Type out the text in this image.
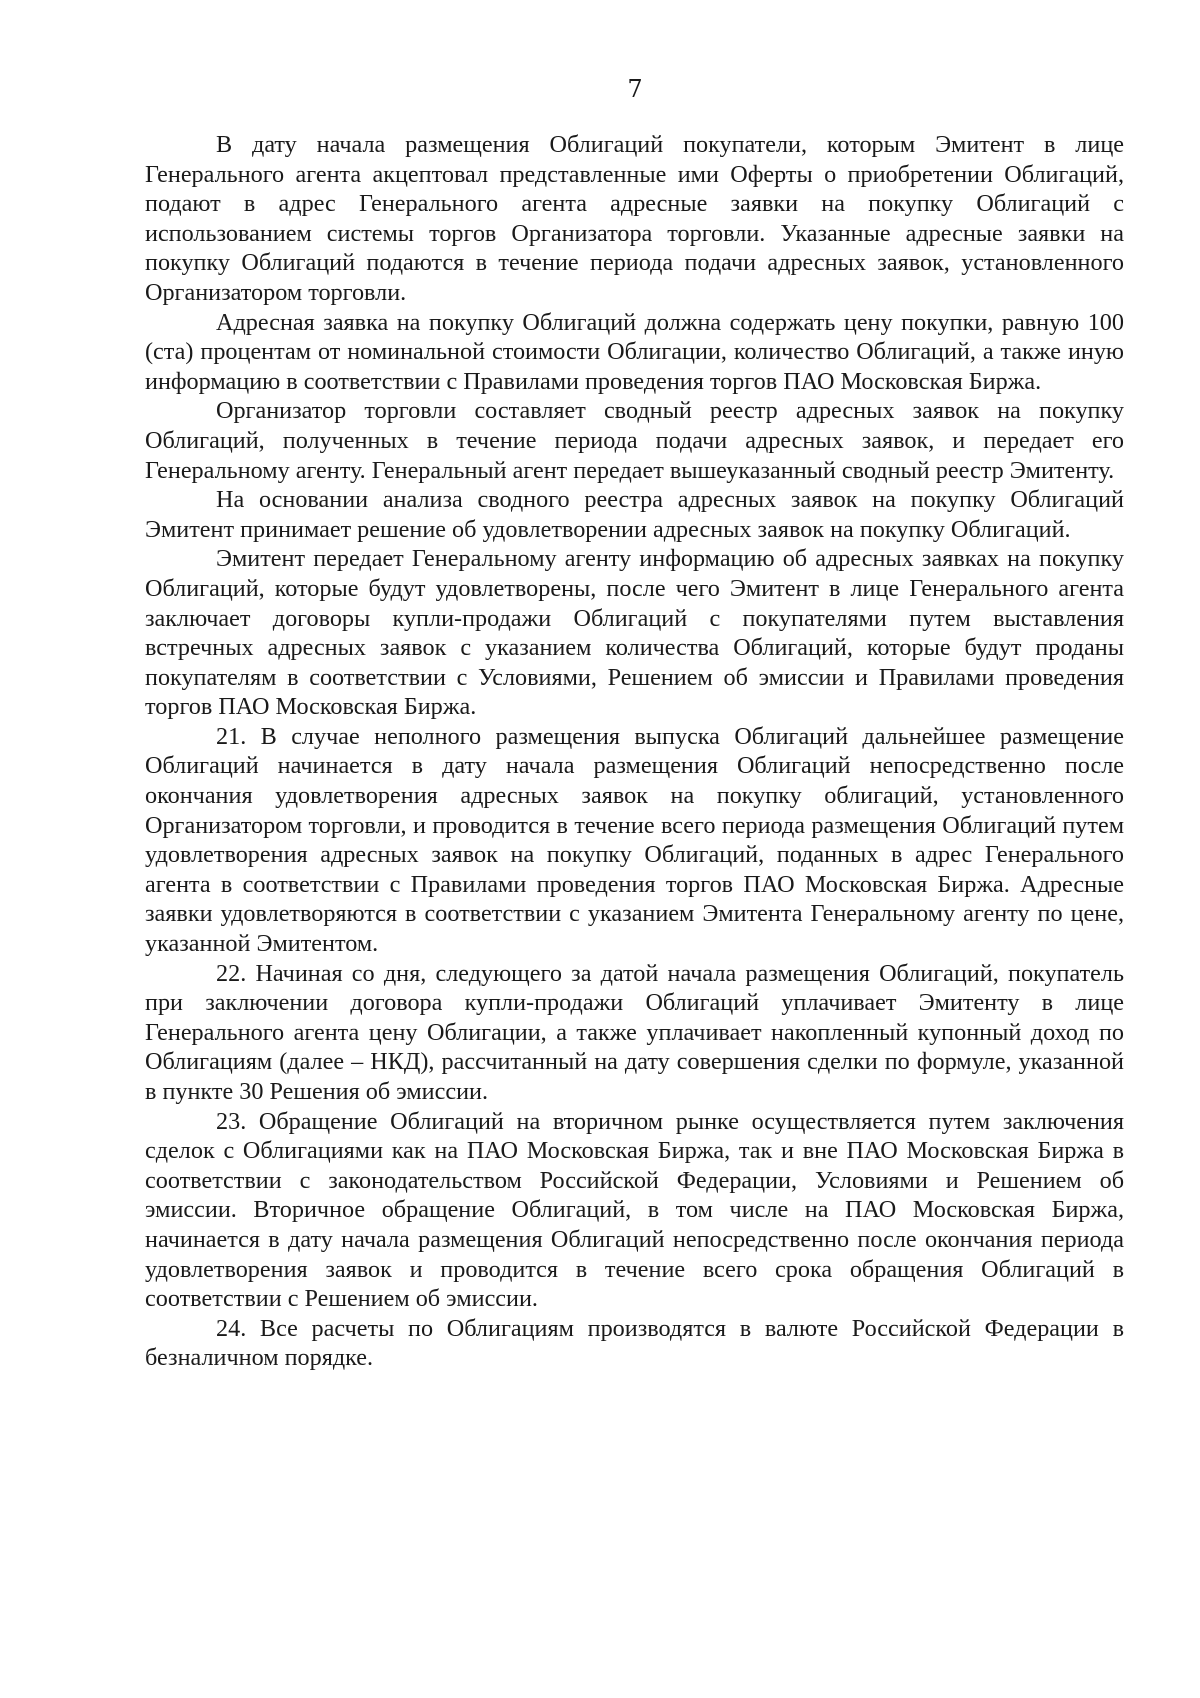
7

В дату начала размещения Облигаций покупатели, которым Эмитент в лице Генерального агента акцептовал представленные ими Оферты о приобретении Облигаций, подают в адрес Генерального агента адресные заявки на покупку Облигаций с использованием системы торгов Организатора торговли. Указанные адресные заявки на покупку Облигаций подаются в течение периода подачи адресных заявок, установленного Организатором торговли.

Адресная заявка на покупку Облигаций должна содержать цену покупки, равную 100 (ста) процентам от номинальной стоимости Облигации, количество Облигаций, а также иную информацию в соответствии с Правилами проведения торгов ПАО Московская Биржа.

Организатор торговли составляет сводный реестр адресных заявок на покупку Облигаций, полученных в течение периода подачи адресных заявок, и передает его Генеральному агенту. Генеральный агент передает вышеуказанный сводный реестр Эмитенту.

На основании анализа сводного реестра адресных заявок на покупку Облигаций Эмитент принимает решение об удовлетворении адресных заявок на покупку Облигаций.

Эмитент передает Генеральному агенту информацию об адресных заявках на покупку Облигаций, которые будут удовлетворены, после чего Эмитент в лице Генерального агента заключает договоры купли-продажи Облигаций с покупателями путем выставления встречных адресных заявок с указанием количества Облигаций, которые будут проданы покупателям в соответствии с Условиями, Решением об эмиссии и Правилами проведения торгов ПАО Московская Биржа.

21. В случае неполного размещения выпуска Облигаций дальнейшее размещение Облигаций начинается в дату начала размещения Облигаций непосредственно после окончания удовлетворения адресных заявок на покупку облигаций, установленного Организатором торговли, и проводится в течение всего периода размещения Облигаций путем удовлетворения адресных заявок на покупку Облигаций, поданных в адрес Генерального агента в соответствии с Правилами проведения торгов ПАО Московская Биржа. Адресные заявки удовлетворяются в соответствии с указанием Эмитента Генеральному агенту по цене, указанной Эмитентом.

22. Начиная со дня, следующего за датой начала размещения Облигаций, покупатель при заключении договора купли-продажи Облигаций уплачивает Эмитенту в лице Генерального агента цену Облигации, а также уплачивает накопленный купонный доход по Облигациям (далее – НКД), рассчитанный на дату совершения сделки по формуле, указанной в пункте 30 Решения об эмиссии.

23. Обращение Облигаций на вторичном рынке осуществляется путем заключения сделок с Облигациями как на ПАО Московская Биржа, так и вне ПАО Московская Биржа в соответствии с законодательством Российской Федерации, Условиями и Решением об эмиссии. Вторичное обращение Облигаций, в том числе на ПАО Московская Биржа, начинается в дату начала размещения Облигаций непосредственно после окончания периода удовлетворения заявок и проводится в течение всего срока обращения Облигаций в соответствии с Решением об эмиссии.

24. Все расчеты по Облигациям производятся в валюте Российской Федерации в безналичном порядке.
